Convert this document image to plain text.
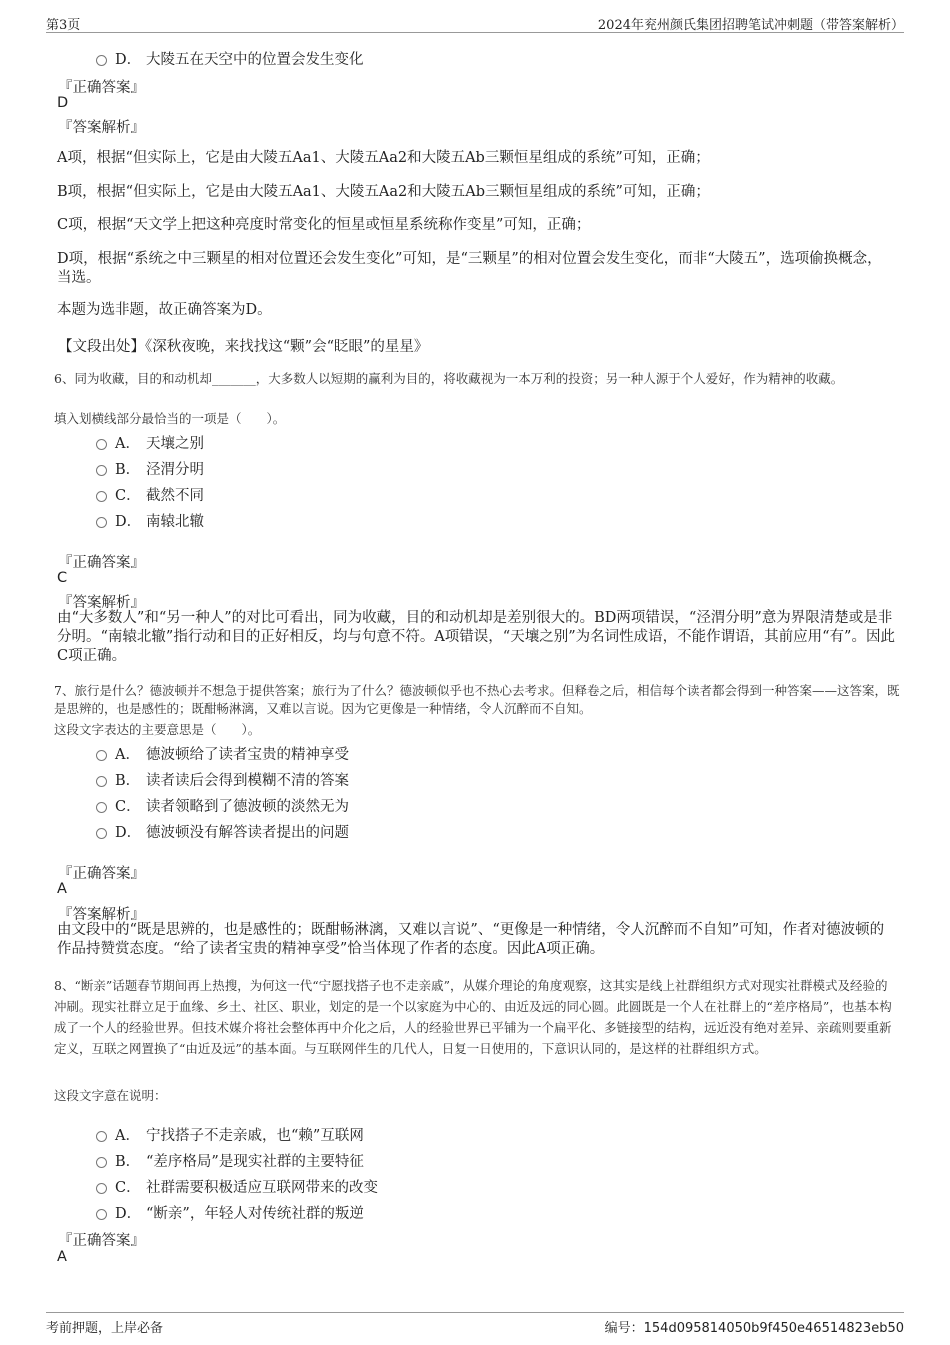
第3页	2024年兖州颜氏集团招聘笔试冲刺题（带答案解析）
D． 大陵五在天空中的位置会发生变化
『正确答案』
D
『答案解析』
A项，根据“但实际上，它是由大陵五Aa1、大陵五Aa2和大陵五Ab三颗恒星组成的系统”可知，正确；
B项，根据“但实际上，它是由大陵五Aa1、大陵五Aa2和大陵五Ab三颗恒星组成的系统”可知，正确；
C项，根据“天文学上把这种亮度时常变化的恒星或恒星系统称作变星”可知，正确；
D项，根据“系统之中三颗星的相对位置还会发生变化”可知，是“三颗星”的相对位置会发生变化，而非“大陵五”，选项偷换概念，当选。
本题为选非题，故正确答案为D。
【文段出处】《深秋夜晚，来找找这“颗”会“眨眼”的星星》
6、同为收藏，目的和动机却_______，大多数人以短期的赢利为目的，将收藏视为一本万利的投资；另一种人源于个人爱好，作为精神的收藏。
填入划横线部分最恰当的一项是（　　）。
A． 天壤之别
B． 泾渭分明
C． 截然不同
D． 南辕北辙
『正确答案』
C
『答案解析』
由“大多数人”和“另一种人”的对比可看出，同为收藏，目的和动机却是差别很大的。BD两项错误，“泾渭分明”意为界限清楚或是非分明。“南辕北辙”指行动和目的正好相反，均与句意不符。A项错误，“天壤之别”为名词性成语，不能作谓语，其前应用“有”。因此C项正确。
7、旅行是什么？德波顿并不想急于提供答案；旅行为了什么？德波顿似乎也不热心去考求。但释卷之后，相信每个读者都会得到一种答案——这答案，既是思辨的，也是感性的；既酣畅淋漓，又难以言说。因为它更像是一种情绪，令人沉醉而不自知。
这段文字表达的主要意思是（　　）。
A． 德波顿给了读者宝贵的精神享受
B． 读者读后会得到模糊不清的答案
C． 读者领略到了德波顿的淡然无为
D． 德波顿没有解答读者提出的问题
『正确答案』
A
『答案解析』
由文段中的“既是思辨的，也是感性的；既酣畅淋漓，又难以言说”、“更像是一种情绪，令人沉醉而不自知”可知，作者对德波顿的作品持赞赏态度。“给了读者宝贵的精神享受”恰当体现了作者的态度。因此A项正确。
8、“断亲”话题春节期间再上热搜，为何这一代“宁愿找搭子也不走亲戚”，从媒介理论的角度观察，这其实是线上社群组织方式对现实社群模式及经验的冲刷。现实社群立足于血缘、乡土、社区、职业，划定的是一个以家庭为中心的、由近及远的同心圆。此圆既是一个人在社群上的“差序格局”，也基本构成了一个人的经验世界。但技术媒介将社会整体再中介化之后，人的经验世界已平铺为一个扁平化、多链接型的结构，远近没有绝对差异、亲疏则要重新定义，互联之网置换了“由近及远”的基本面。与互联网伴生的几代人，日复一日使用的，下意识认同的，是这样的社群组织方式。
这段文字意在说明：
A． 宁找搭子不走亲戚，也“赖”互联网
B． “差序格局”是现实社群的主要特征
C． 社群需要积极适应互联网带来的改变
D． “断亲”，年轻人对传统社群的叛逆
『正确答案』
A
考前押题，上岸必备	编号：154d095814050b9f450e46514823eb50
